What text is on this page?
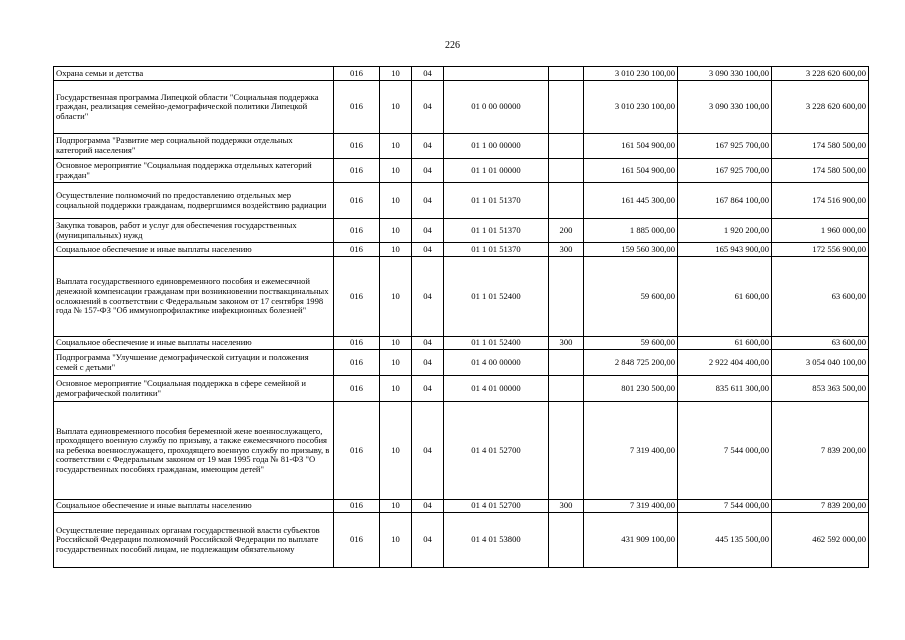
226
Охрана семьи и детства	016	10	04			3 010 230 100,00	3 090 330 100,00	3 228 620 600,00
Государственная программа Липецкой области "Социальная поддержка граждан, реализация семейно-демографической политики Липецкой области"	016	10	04	01 0 00 00000		3 010 230 100,00	3 090 330 100,00	3 228 620 600,00
Подпрограмма "Развитие мер социальной поддержки отдельных категорий населения"	016	10	04	01 1 00 00000		161 504 900,00	167 925 700,00	174 580 500,00
Основное мероприятие "Социальная поддержка отдельных категорий граждан"	016	10	04	01 1 01 00000		161 504 900,00	167 925 700,00	174 580 500,00
Осуществление полномочий по предоставлению отдельных мер социальной поддержки гражданам, подвергшимся воздействию радиации	016	10	04	01 1 01 51370		161 445 300,00	167 864 100,00	174 516 900,00
Закупка товаров, работ и услуг для обеспечения государственных (муниципальных) нужд	016	10	04	01 1 01 51370	200	1 885 000,00	1 920 200,00	1 960 000,00
Социальное обеспечение и иные выплаты населению	016	10	04	01 1 01 51370	300	159 560 300,00	165 943 900,00	172 556 900,00
Выплата государственного единовременного пособия и ежемесячной денежной компенсации гражданам при возникновении поствакцинальных осложнений в соответствии с Федеральным законом от 17 сентября 1998 года № 157-ФЗ "Об иммунопрофилактике инфекционных болезней"	016	10	04	01 1 01 52400		59 600,00	61 600,00	63 600,00
Социальное обеспечение и иные выплаты населению	016	10	04	01 1 01 52400	300	59 600,00	61 600,00	63 600,00
Подпрограмма "Улучшение демографической ситуации и положения семей с детьми"	016	10	04	01 4 00 00000		2 848 725 200,00	2 922 404 400,00	3 054 040 100,00
Основное мероприятие "Социальная поддержка в сфере семейной и демографической политики"	016	10	04	01 4 01 00000		801 230 500,00	835 611 300,00	853 363 500,00
Выплата единовременного пособия беременной жене военнослужащего, проходящего военную службу по призыву, а также ежемесячного пособия на ребенка военнослужащего, проходящего военную службу по призыву, в соответствии с Федеральным законом от 19 мая 1995 года № 81-ФЗ "О государственных пособиях гражданам, имеющим детей"	016	10	04	01 4 01 52700		7 319 400,00	7 544 000,00	7 839 200,00
Социальное обеспечение и иные выплаты населению	016	10	04	01 4 01 52700	300	7 319 400,00	7 544 000,00	7 839 200,00
Осуществление переданных органам государственной власти субъектов Российской Федерации полномочий Российской Федерации по выплате государственных пособий лицам, не подлежащим обязательному	016	10	04	01 4 01 53800		431 909 100,00	445 135 500,00	462 592 000,00
